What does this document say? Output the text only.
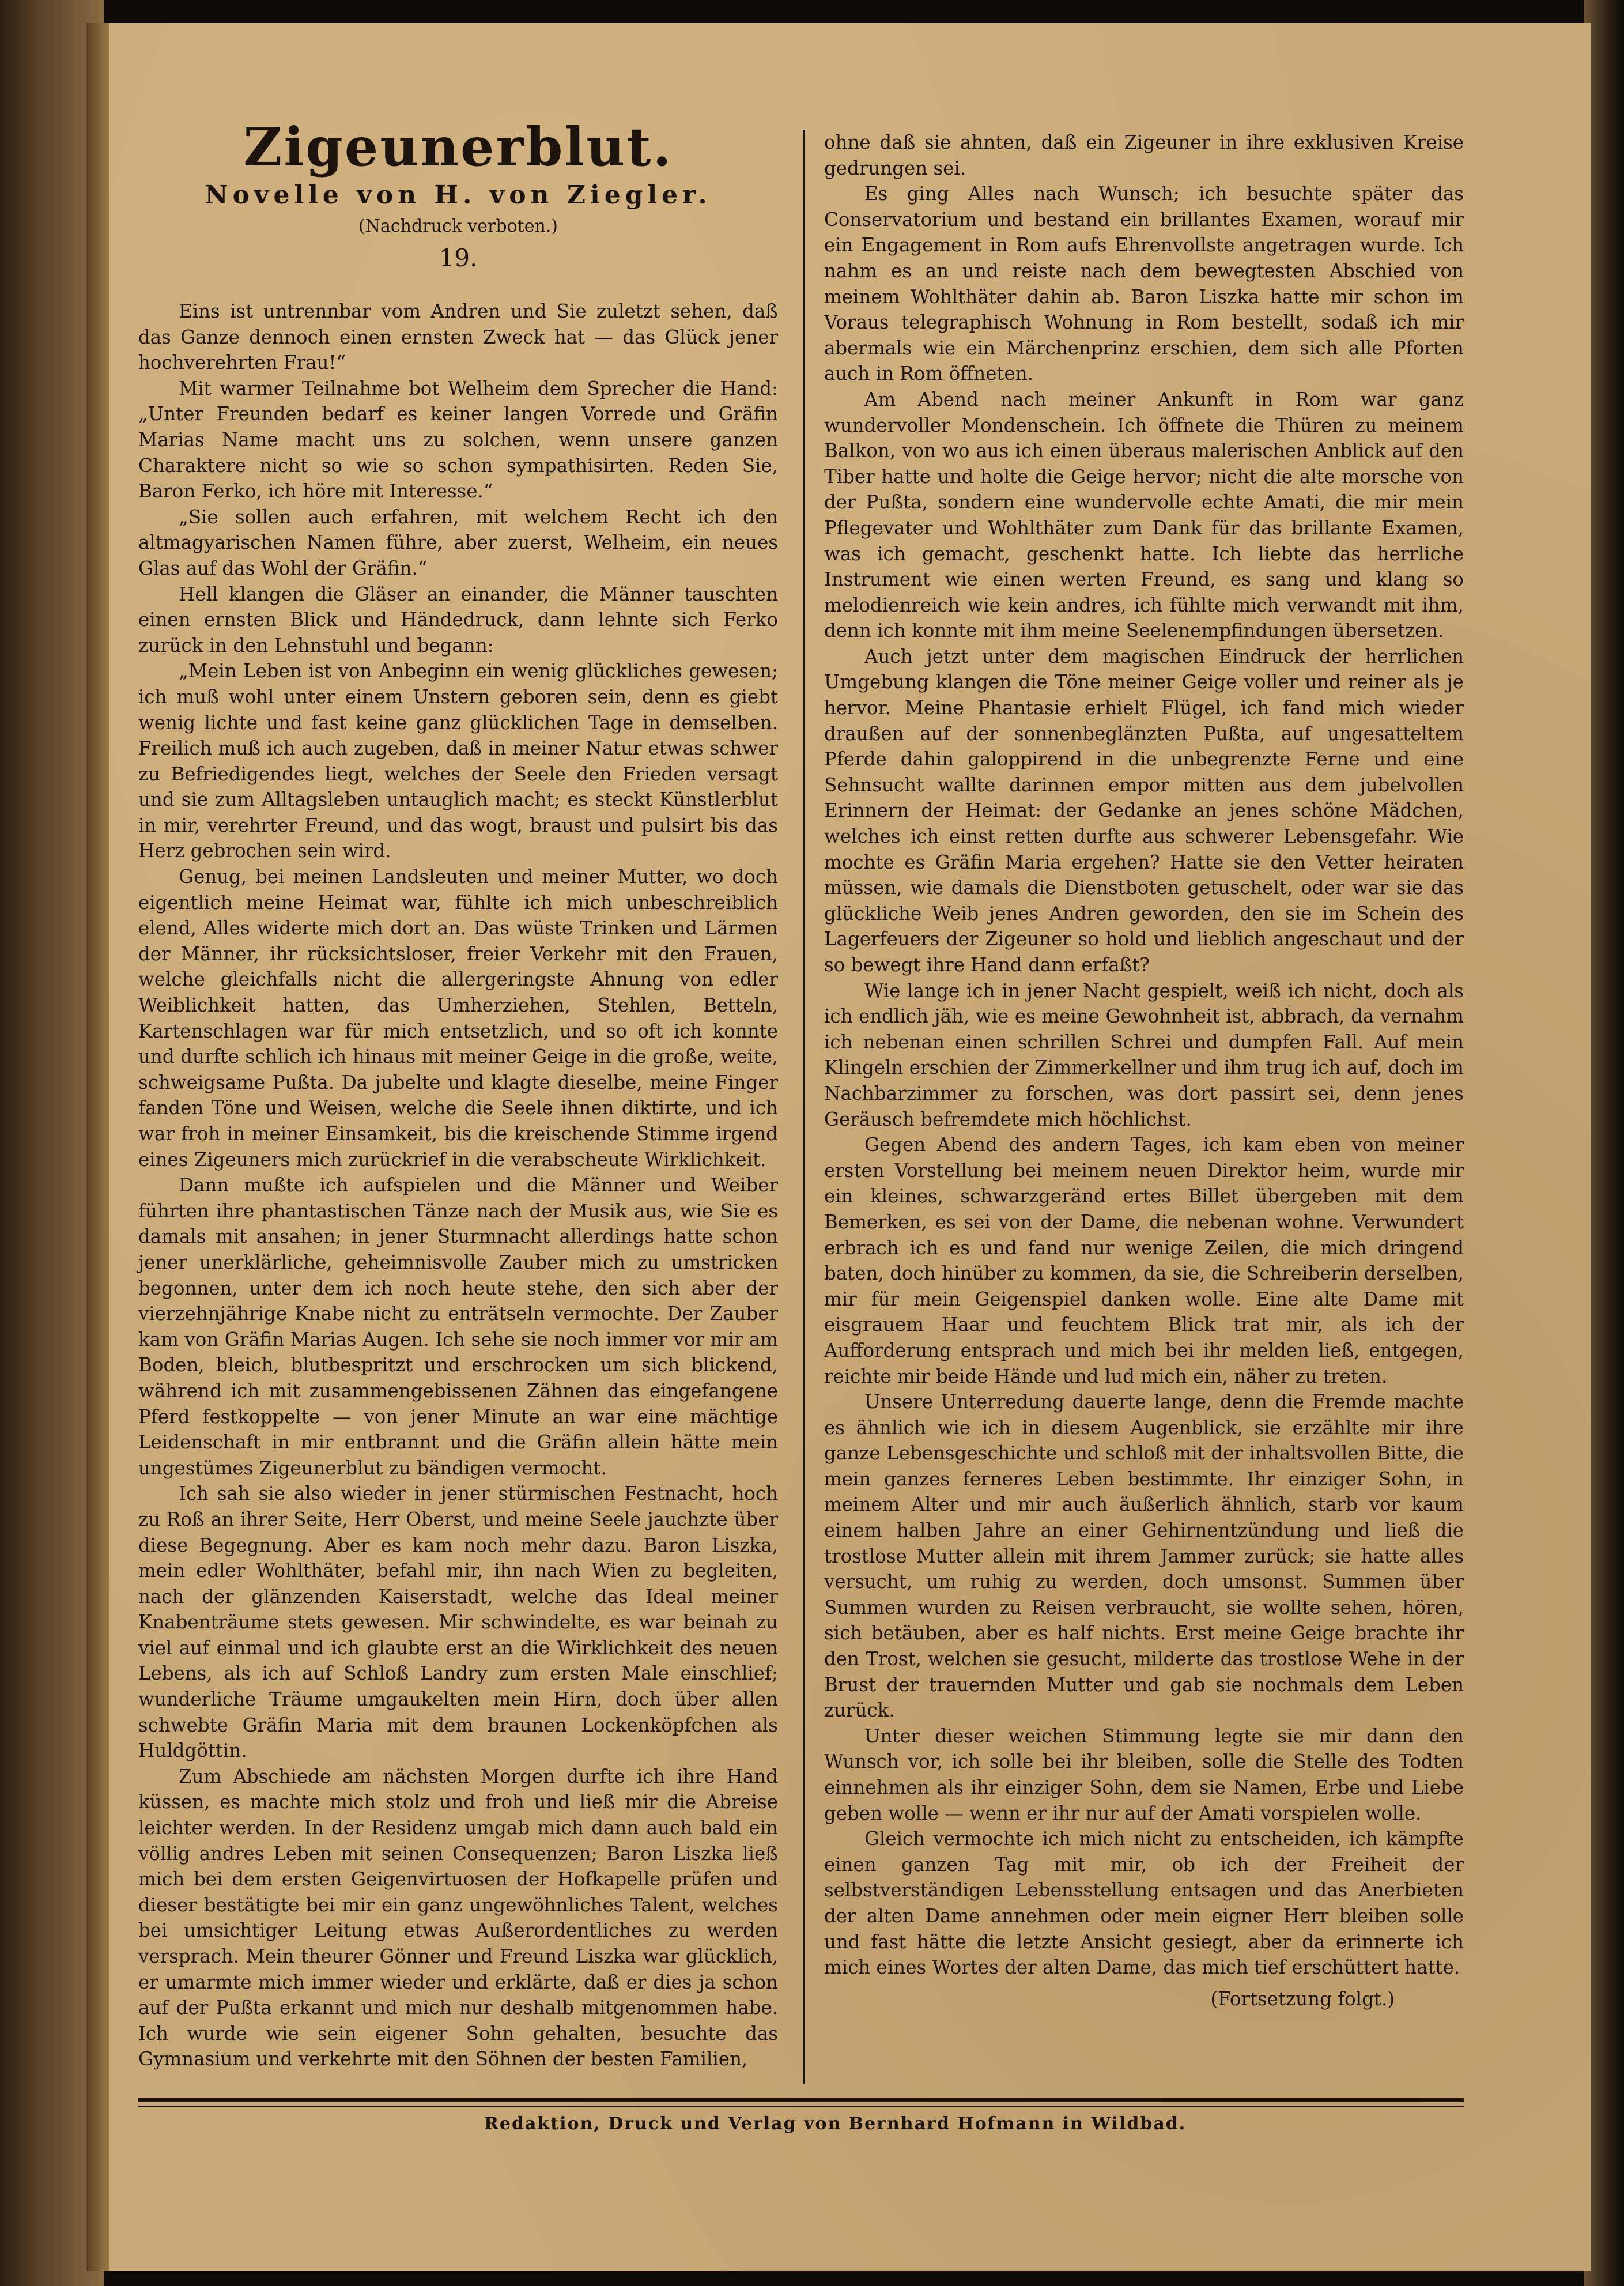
Zigeunerblut.
Novelle von H. von Ziegler.
(Nachdruck verboten.)
19.

Eins ist untrennbar vom Andren und Sie zuletzt sehen, daß das Ganze dennoch einen ernsten Zweck hat — das Glück jener hochverehrten Frau!“

Mit warmer Teilnahme bot Welheim dem Sprecher die Hand: „Unter Freunden bedarf es keiner langen Vorrede und Gräfin Marias Name macht uns zu solchen, wenn unsere ganzen Charaktere nicht so wie so schon sympathisirten. Reden Sie, Baron Ferko, ich höre mit Interesse.“

„Sie sollen auch erfahren, mit welchem Recht ich den altmagyarischen Namen führe, aber zuerst, Welheim, ein neues Glas auf das Wohl der Gräfin.“

Hell klangen die Gläser an einander, die Männer tauschten einen ernsten Blick und Händedruck, dann lehnte sich Ferko zurück in den Lehnstuhl und begann:

„Mein Leben ist von Anbeginn ein wenig glückliches gewesen; ich muß wohl unter einem Unstern geboren sein, denn es giebt wenig lichte und fast keine ganz glücklichen Tage in demselben. Freilich muß ich auch zugeben, daß in meiner Natur etwas schwer zu Befriedigendes liegt, welches der Seele den Frieden versagt und sie zum Alltagsleben untauglich macht; es steckt Künstlerblut in mir, verehrter Freund, und das wogt, braust und pulsirt bis das Herz gebrochen sein wird.

Genug, bei meinen Landsleuten und meiner Mutter, wo doch eigentlich meine Heimat war, fühlte ich mich unbeschreiblich elend, Alles widerte mich dort an. Das wüste Trinken und Lärmen der Männer, ihr rücksichtsloser, freier Verkehr mit den Frauen, welche gleichfalls nicht die allergeringste Ahnung von edler Weiblichkeit hatten, das Umherziehen, Stehlen, Betteln, Kartenschlagen war für mich entsetzlich, und so oft ich konnte und durfte schlich ich hinaus mit meiner Geige in die große, weite, schweigsame Pußta. Da jubelte und klagte dieselbe, meine Finger fanden Töne und Weisen, welche die Seele ihnen diktirte, und ich war froh in meiner Einsamkeit, bis die kreischende Stimme irgend eines Zigeuners mich zurückrief in die verabscheute Wirklichkeit.

Dann mußte ich aufspielen und die Männer und Weiber führten ihre phantastischen Tänze nach der Musik aus, wie Sie es damals mit ansahen; in jener Sturmnacht allerdings hatte schon jener unerklärliche, geheimnisvolle Zauber mich zu umstricken begonnen, unter dem ich noch heute stehe, den sich aber der vierzehnjährige Knabe nicht zu enträtseln vermochte. Der Zauber kam von Gräfin Marias Augen. Ich sehe sie noch immer vor mir am Boden, bleich, blutbespritzt und erschrocken um sich blickend, während ich mit zusammengebissenen Zähnen das eingefangene Pferd festkoppelte — von jener Minute an war eine mächtige Leidenschaft in mir entbrannt und die Gräfin allein hätte mein ungestümes Zigeunerblut zu bändigen vermocht.

Ich sah sie also wieder in jener stürmischen Festnacht, hoch zu Roß an ihrer Seite, Herr Oberst, und meine Seele jauchzte über diese Begegnung. Aber es kam noch mehr dazu. Baron Liszka, mein edler Wohlthäter, befahl mir, ihn nach Wien zu begleiten, nach der glänzenden Kaiserstadt, welche das Ideal meiner Knabenträume stets gewesen. Mir schwindelte, es war beinah zu viel auf einmal und ich glaubte erst an die Wirklichkeit des neuen Lebens, als ich auf Schloß Landry zum ersten Male einschlief; wunderliche Träume umgaukelten mein Hirn, doch über allen schwebte Gräfin Maria mit dem braunen Lockenköpfchen als Huldgöttin.

Zum Abschiede am nächsten Morgen durfte ich ihre Hand küssen, es machte mich stolz und froh und ließ mir die Abreise leichter werden. In der Residenz umgab mich dann auch bald ein völlig andres Leben mit seinen Consequenzen; Baron Liszka ließ mich bei dem ersten Geigenvirtuosen der Hofkapelle prüfen und dieser bestätigte bei mir ein ganz ungewöhnliches Talent, welches bei umsichtiger Leitung etwas Außerordentliches zu werden versprach. Mein theurer Gönner und Freund Liszka war glücklich, er umarmte mich immer wieder und erklärte, daß er dies ja schon auf der Pußta erkannt und mich nur deshalb mitgenommen habe. Ich wurde wie sein eigener Sohn gehalten, besuchte das Gymnasium und verkehrte mit den Söhnen der besten Familien,

ohne daß sie ahnten, daß ein Zigeuner in ihre exklusiven Kreise gedrungen sei.

Es ging Alles nach Wunsch; ich besuchte später das Conservatorium und bestand ein brillantes Examen, worauf mir ein Engagement in Rom aufs Ehrenvollste angetragen wurde. Ich nahm es an und reiste nach dem bewegtesten Abschied von meinem Wohlthäter dahin ab. Baron Liszka hatte mir schon im Voraus telegraphisch Wohnung in Rom bestellt, sodaß ich mir abermals wie ein Märchenprinz erschien, dem sich alle Pforten auch in Rom öffneten.

Am Abend nach meiner Ankunft in Rom war ganz wundervoller Mondenschein. Ich öffnete die Thüren zu meinem Balkon, von wo aus ich einen überaus malerischen Anblick auf den Tiber hatte und holte die Geige hervor; nicht die alte morsche von der Pußta, sondern eine wundervolle echte Amati, die mir mein Pflegevater und Wohlthäter zum Dank für das brillante Examen, was ich gemacht, geschenkt hatte. Ich liebte das herrliche Instrument wie einen werten Freund, es sang und klang so melodienreich wie kein andres, ich fühlte mich verwandt mit ihm, denn ich konnte mit ihm meine Seelenempfindungen übersetzen.

Auch jetzt unter dem magischen Eindruck der herrlichen Umgebung klangen die Töne meiner Geige voller und reiner als je hervor. Meine Phantasie erhielt Flügel, ich fand mich wieder draußen auf der sonnenbeglänzten Pußta, auf ungesatteltem Pferde dahin galoppirend in die unbegrenzte Ferne und eine Sehnsucht wallte darinnen empor mitten aus dem jubelvollen Erinnern der Heimat: der Gedanke an jenes schöne Mädchen, welches ich einst retten durfte aus schwerer Lebensgefahr. Wie mochte es Gräfin Maria ergehen? Hatte sie den Vetter heiraten müssen, wie damals die Dienstboten getuschelt, oder war sie das glückliche Weib jenes Andren geworden, den sie im Schein des Lagerfeuers der Zigeuner so hold und lieblich angeschaut und der so bewegt ihre Hand dann erfaßt?

Wie lange ich in jener Nacht gespielt, weiß ich nicht, doch als ich endlich jäh, wie es meine Gewohnheit ist, abbrach, da vernahm ich nebenan einen schrillen Schrei und dumpfen Fall. Auf mein Klingeln erschien der Zimmerkellner und ihm trug ich auf, doch im Nachbarzimmer zu forschen, was dort passirt sei, denn jenes Geräusch befremdete mich höchlichst.

Gegen Abend des andern Tages, ich kam eben von meiner ersten Vorstellung bei meinem neuen Direktor heim, wurde mir ein kleines, schwarzgeränd ertes Billet übergeben mit dem Bemerken, es sei von der Dame, die nebenan wohne. Verwundert erbrach ich es und fand nur wenige Zeilen, die mich dringend baten, doch hinüber zu kommen, da sie, die Schreiberin derselben, mir für mein Geigenspiel danken wolle. Eine alte Dame mit eisgrauem Haar und feuchtem Blick trat mir, als ich der Aufforderung entsprach und mich bei ihr melden ließ, entgegen, reichte mir beide Hände und lud mich ein, näher zu treten.

Unsere Unterredung dauerte lange, denn die Fremde machte es ähnlich wie ich in diesem Augenblick, sie erzählte mir ihre ganze Lebensgeschichte und schloß mit der inhaltsvollen Bitte, die mein ganzes ferneres Leben bestimmte. Ihr einziger Sohn, in meinem Alter und mir auch äußerlich ähnlich, starb vor kaum einem halben Jahre an einer Gehirnentzündung und ließ die trostlose Mutter allein mit ihrem Jammer zurück; sie hatte alles versucht, um ruhig zu werden, doch umsonst. Summen über Summen wurden zu Reisen verbraucht, sie wollte sehen, hören, sich betäuben, aber es half nichts. Erst meine Geige brachte ihr den Trost, welchen sie gesucht, milderte das trostlose Wehe in der Brust der trauernden Mutter und gab sie nochmals dem Leben zurück.

Unter dieser weichen Stimmung legte sie mir dann den Wunsch vor, ich solle bei ihr bleiben, solle die Stelle des Todten einnehmen als ihr einziger Sohn, dem sie Namen, Erbe und Liebe geben wolle — wenn er ihr nur auf der Amati vorspielen wolle.

Gleich vermochte ich mich nicht zu entscheiden, ich kämpfte einen ganzen Tag mit mir, ob ich der Freiheit der selbstverständigen Lebensstellung entsagen und das Anerbieten der alten Dame annehmen oder mein eigner Herr bleiben solle und fast hätte die letzte Ansicht gesiegt, aber da erinnerte ich mich eines Wortes der alten Dame, das mich tief erschüttert hatte.

(Fortsetzung folgt.)
Redaktion, Druck und Verlag von Bernhard Hofmann in Wildbad.
